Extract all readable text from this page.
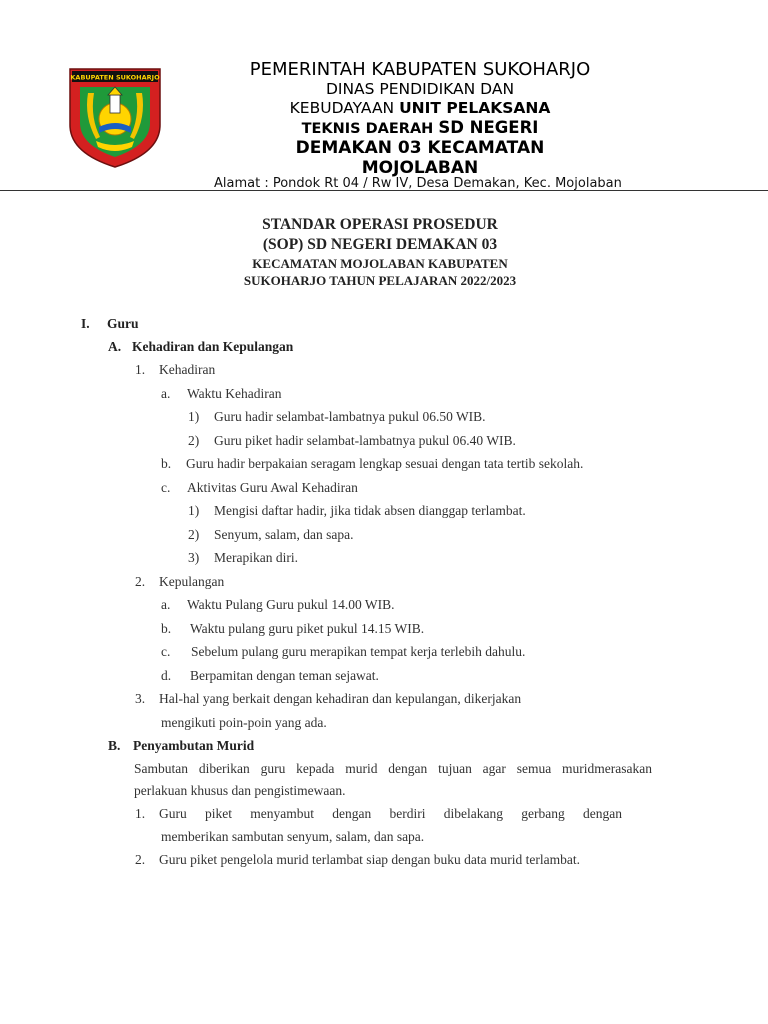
KABUPATEN SUKOHARJO	PEMERINTAH KABUPATEN SUKOHARJO
DINAS PENDIDIKAN DAN
KEBUDAYAAN UNIT PELAKSANA
TEKNIS DAERAH SD NEGERI
DEMAKAN 03 KECAMATAN
MOJOLABAN
Alamat : Pondok Rt 04 / Rw IV, Desa Demakan, Kec. Mojolaban
STANDAR OPERASI PROSEDUR
(SOP) SD NEGERI DEMAKAN 03
KECAMATAN MOJOLABAN KABUPATEN
SUKOHARJO TAHUN PELAJARAN 2022/2023
I. Guru
A. Kehadiran dan Kepulangan
1. Kehadiran
a. Waktu Kehadiran
1) Guru hadir selambat-lambatnya pukul 06.50 WIB.
2) Guru piket hadir selambat-lambatnya pukul 06.40 WIB.
b. Guru hadir berpakaian seragam lengkap sesuai dengan tata tertib sekolah.
c. Aktivitas Guru Awal Kehadiran
1) Mengisi daftar hadir, jika tidak absen dianggap terlambat.
2) Senyum, salam, dan sapa.
3) Merapikan diri.
2. Kepulangan
a. Waktu Pulang Guru pukul 14.00 WIB.
b. Waktu pulang guru piket pukul 14.15 WIB.
c. Sebelum pulang guru merapikan tempat kerja terlebih dahulu.
d. Berpamitan dengan teman sejawat.
3. Hal-hal yang berkait dengan kehadiran dan kepulangan, dikerjakan
mengikuti poin-poin yang ada.
B. Penyambutan Murid
Sambutan diberikan guru kepada murid dengan tujuan agar semua muridmerasakan
perlakuan khusus dan pengistimewaan.
1. Guru piket menyambut dengan berdiri dibelakang gerbang dengan
memberikan sambutan senyum, salam, dan sapa.
2. Guru piket pengelola murid terlambat siap dengan buku data murid terlambat.
